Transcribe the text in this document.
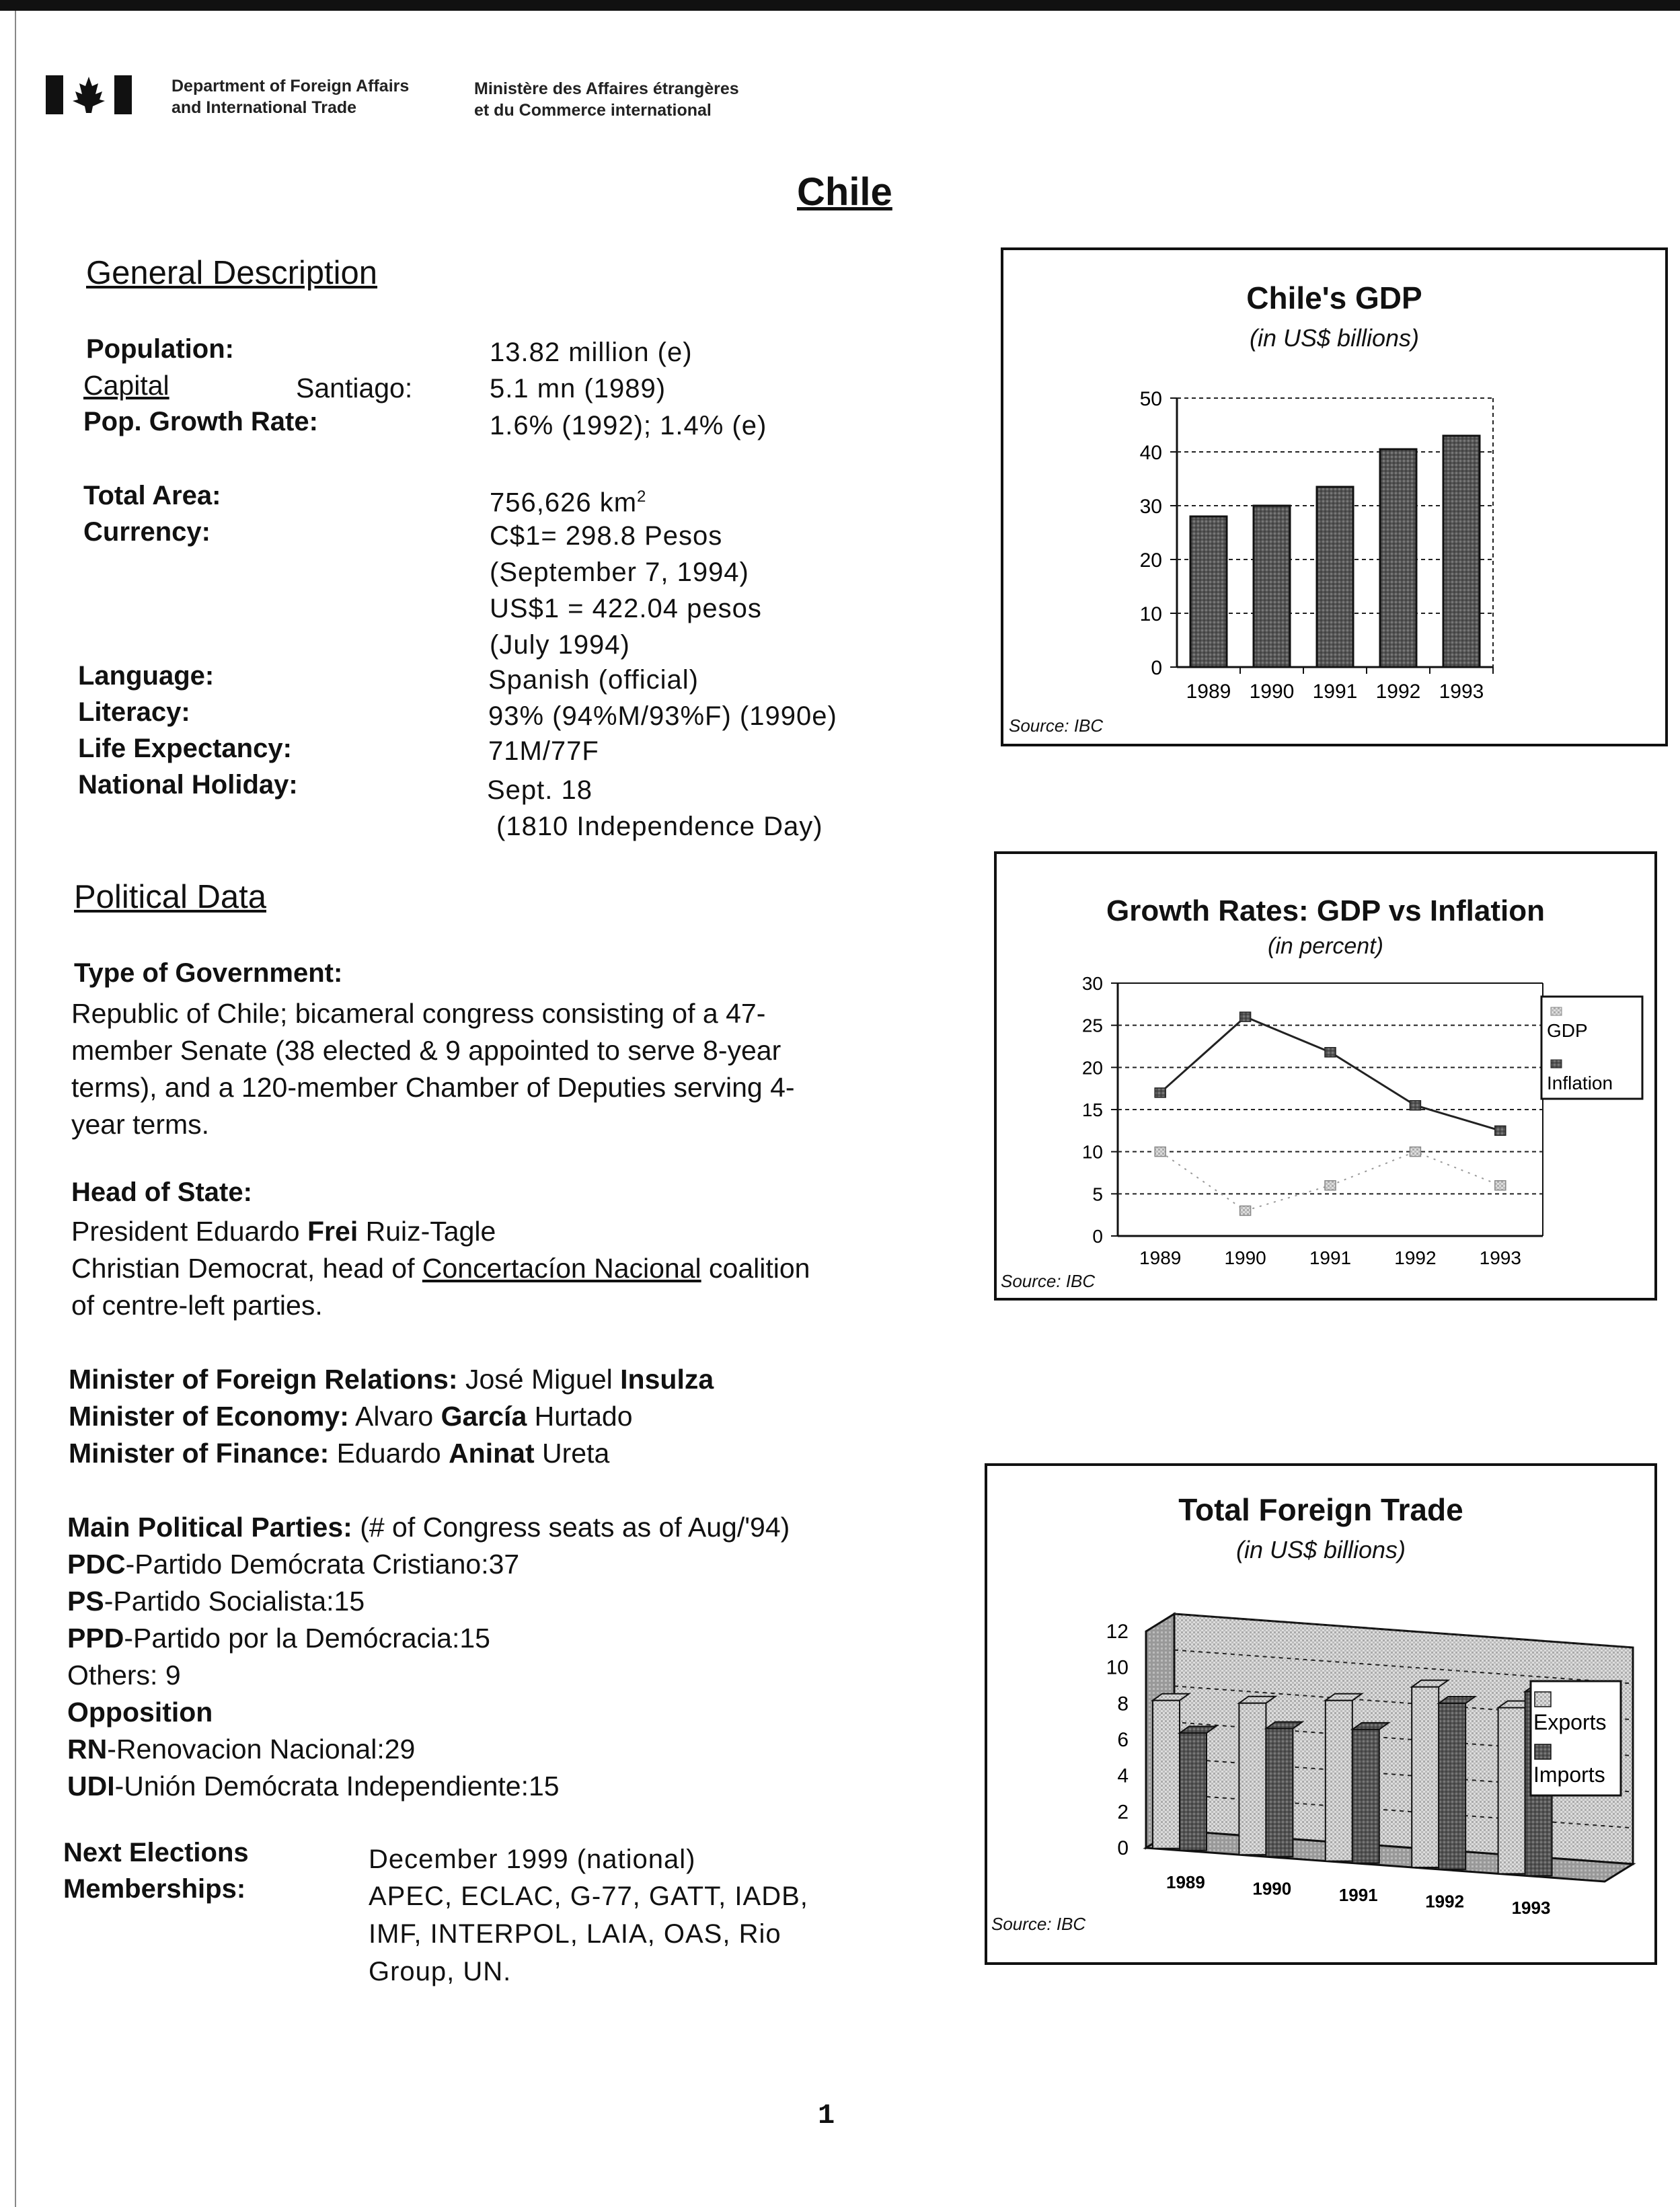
Department of Foreign Affairs
and International Trade
Ministère des Affaires étrangères
et du Commerce international
Chile
General Description
Population:	13.82 million (e)
Capital	Santiago:	5.1 mn (1989)
Pop. Growth Rate:	1.6% (1992); 1.4% (e)
Total Area:	756,626 $km^2$
Currency:	C$1= 298.8 Pesos
(September 7, 1994)
US$1 = 422.04 pesos
(July 1994)
Language:	Spanish (official)
Literacy:	93% (94%M/93%F) (1990e)
Life Expectancy:	71M/77F
National Holiday:	Sept. 18
(1810 Independence Day)
Political Data
Type of Government:
Republic of Chile; bicameral congress consisting of a 47-
member Senate (38 elected & 9 appointed to serve 8-year
terms), and a 120-member Chamber of Deputies serving 4-
year terms.
Head of State:
President Eduardo Frei Ruiz-Tagle
Christian Democrat, head of Concertacíon Nacional coalition
of centre-left parties.
Minister of Foreign Relations: José Miguel Insulza
Minister of Economy: Alvaro García Hurtado
Minister of Finance: Eduardo Aninat Ureta
Main Political Parties: (# of Congress seats as of Aug/'94)
PDC-Partido Demócrata Cristiano:37
PS-Partido Socialista:15
PPD-Partido por la Demócracia:15
Others: 9
Opposition
RN-Renovacion Nacional:29
UDI-Unión Demócrata Independiente:15
Next Elections	December 1999 (national)
Memberships:	APEC, ECLAC, G-77, GATT, IADB,
IMF, INTERPOL, LAIA, OAS, Rio
Group, UN.
1
Chile's GDP
(in US$ billions)
0
10
20
30
40
50
1989 1990 1991 1992 1993
Source: IBC
Growth Rates: GDP vs Inflation
(in percent)
0
5
10
15
20
25
30
1989 1990 1991 1992 1993
GDP
Inflation
Source: IBC
Total Foreign Trade
(in US$ billions)
0
2
4
6
8
10
12
1989	1990	1991	1992	1993
Exports
Imports
Source: IBC
